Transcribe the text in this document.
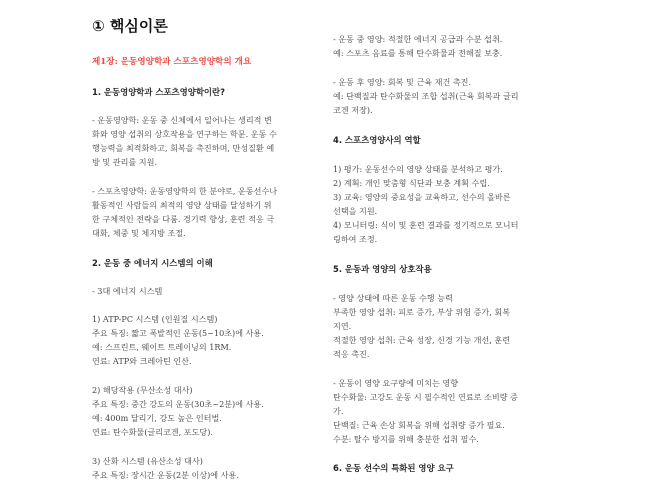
① 핵심이론
제1장: 운동영양학과 스포츠영양학의 개요
1. 운동영양학과 스포츠영양학이란?
- 운동영양학: 운동 중 신체에서 일어나는 생리적 변
화와 영양 섭취의 상호작용을 연구하는 학문. 운동 수
행능력을 최적화하고, 회복을 촉진하며, 만성질환 예
방 및 관리를 지원.
- 스포츠영양학: 운동영양학의 한 분야로, 운동선수나
활동적인 사람들의 최적의 영양 상태를 달성하기 위
한 구체적인 전략을 다룸. 경기력 향상, 훈련 적응 극
대화, 체중 및 체지방 조절.
2. 운동 중 에너지 시스템의 이해
- 3대 에너지 시스템
1) ATP-PC 시스템 (인원질 시스템)
주요 특징: 짧고 폭발적인 운동(5~10초)에 사용.
예: 스프린트, 웨이트 트레이닝의 1RM.
연료: ATP와 크레아틴 인산.
2) 해당작용 (무산소성 대사)
주요 특징: 중간 강도의 운동(30초~2분)에 사용.
예: 400m 달리기, 강도 높은 인터벌.
연료: 탄수화물(글리코겐, 포도당).
3) 산화 시스템 (유산소성 대사)
주요 특징: 장시간 운동(2분 이상)에 사용.
- 운동 중 영양: 적절한 에너지 공급과 수분 섭취.
예: 스포츠 음료를 통해 탄수화물과 전해질 보충.
- 운동 후 영양: 회복 및 근육 재건 촉진.
예: 단백질과 탄수화물의 조합 섭취(근육 회복과 글리
코겐 저장).
4. 스포츠영양사의 역할
1) 평가: 운동선수의 영양 상태를 분석하고 평가.
2) 계획: 개인 맞춤형 식단과 보충 계획 수립.
3) 교육: 영양의 중요성을 교육하고, 선수의 올바른
선택을 지원.
4) 모니터링: 식이 및 훈련 결과를 정기적으로 모니터
링하여 조정.
5. 운동과 영양의 상호작용
- 영양 상태에 따른 운동 수행 능력
부족한 영양 섭취: 피로 증가, 부상 위험 증가, 회복
지연.
적절한 영양 섭취: 근육 성장, 신경 기능 개선, 훈련
적응 촉진.
- 운동이 영양 요구량에 미치는 영향
탄수화물: 고강도 운동 시 필수적인 연료로 소비량 증
가.
단백질: 근육 손상 회복을 위해 섭취량 증가 필요.
수분: 탈수 방지를 위해 충분한 섭취 필수.
6. 운동 선수의 특화된 영양 요구
